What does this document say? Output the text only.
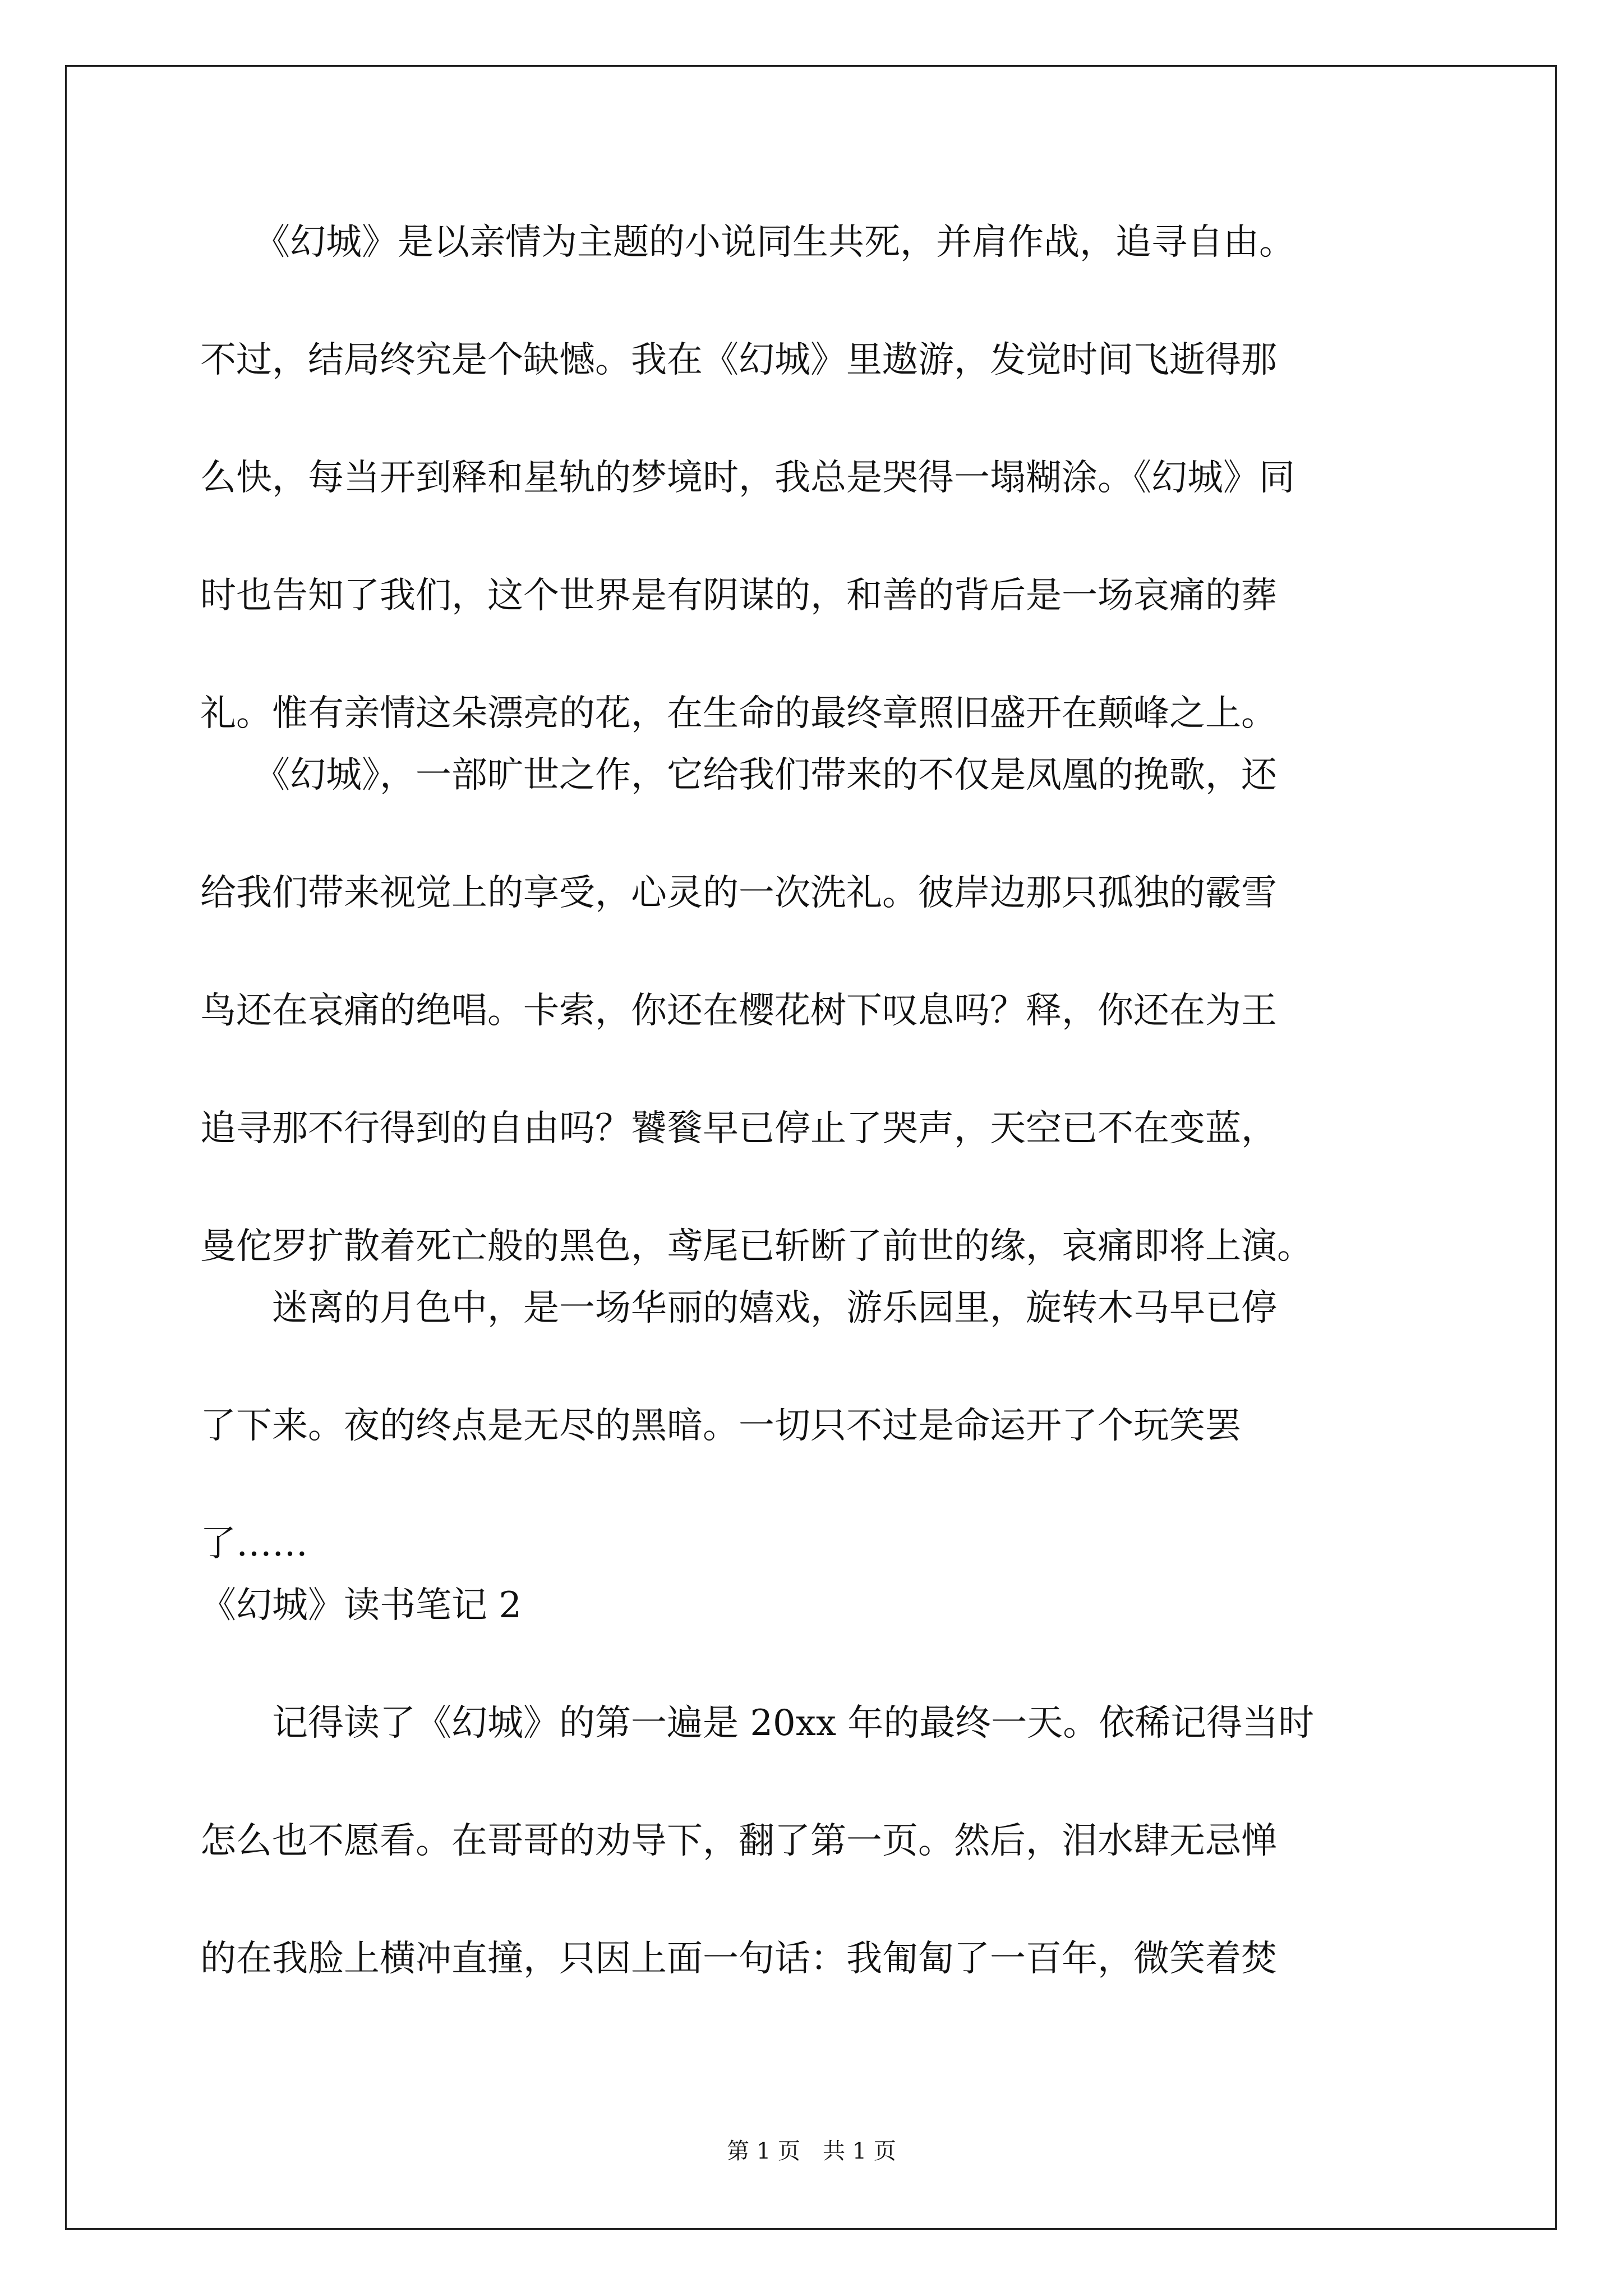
　　《幻城》是以亲情为主题的小说同生共死，并肩作战，追寻自由。
不过，结局终究是个缺憾。我在《幻城》里遨游，发觉时间飞逝得那
么快，每当开到释和星轨的梦境时，我总是哭得一塌糊涂。《幻城》同
时也告知了我们，这个世界是有阴谋的，和善的背后是一场哀痛的葬
礼。惟有亲情这朵漂亮的花，在生命的最终章照旧盛开在颠峰之上。
　　《幻城》，一部旷世之作，它给我们带来的不仅是凤凰的挽歌，还
给我们带来视觉上的享受，心灵的一次洗礼。彼岸边那只孤独的霰雪
鸟还在哀痛的绝唱。卡索，你还在樱花树下叹息吗？释，你还在为王
追寻那不行得到的自由吗？饕餮早已停止了哭声，天空已不在变蓝，
曼佗罗扩散着死亡般的黑色，鸢尾已斩断了前世的缘，哀痛即将上演。
　　迷离的月色中，是一场华丽的嬉戏，游乐园里，旋转木马早已停
了下来。夜的终点是无尽的黑暗。一切只不过是命运开了个玩笑罢
了……
《幻城》读书笔记 2
　　记得读了《幻城》的第一遍是 20xx 年的最终一天。依稀记得当时
怎么也不愿看。在哥哥的劝导下，翻了第一页。然后，泪水肆无忌惮
的在我脸上横冲直撞，只因上面一句话：我匍匐了一百年，微笑着焚
第 1 页　共 1 页
